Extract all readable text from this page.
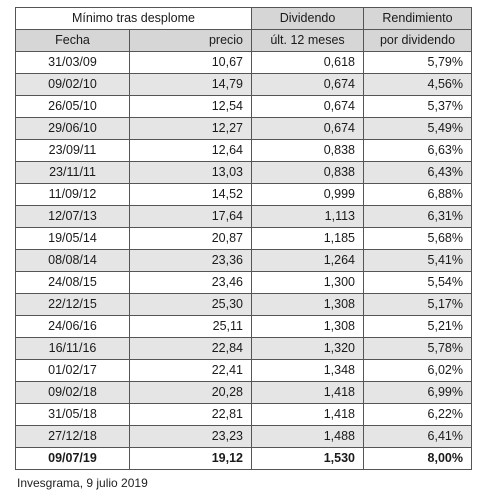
Mínimo tras desplome		Dividendo	Rendimiento
Fecha	precio	últ. 12 meses	por dividendo
31/03/09	10,67	0,618	5,79%
09/02/10	14,79	0,674	4,56%
26/05/10	12,54	0,674	5,37%
29/06/10	12,27	0,674	5,49%
23/09/11	12,64	0,838	6,63%
23/11/11	13,03	0,838	6,43%
11/09/12	14,52	0,999	6,88%
12/07/13	17,64	1,113	6,31%
19/05/14	20,87	1,185	5,68%
08/08/14	23,36	1,264	5,41%
24/08/15	23,46	1,300	5,54%
22/12/15	25,30	1,308	5,17%
24/06/16	25,11	1,308	5,21%
16/11/16	22,84	1,320	5,78%
01/02/17	22,41	1,348	6,02%
09/02/18	20,28	1,418	6,99%
31/05/18	22,81	1,418	6,22%
27/12/18	23,23	1,488	6,41%
09/07/19	19,12	1,530	8,00%
Invesgrama, 9 julio 2019
